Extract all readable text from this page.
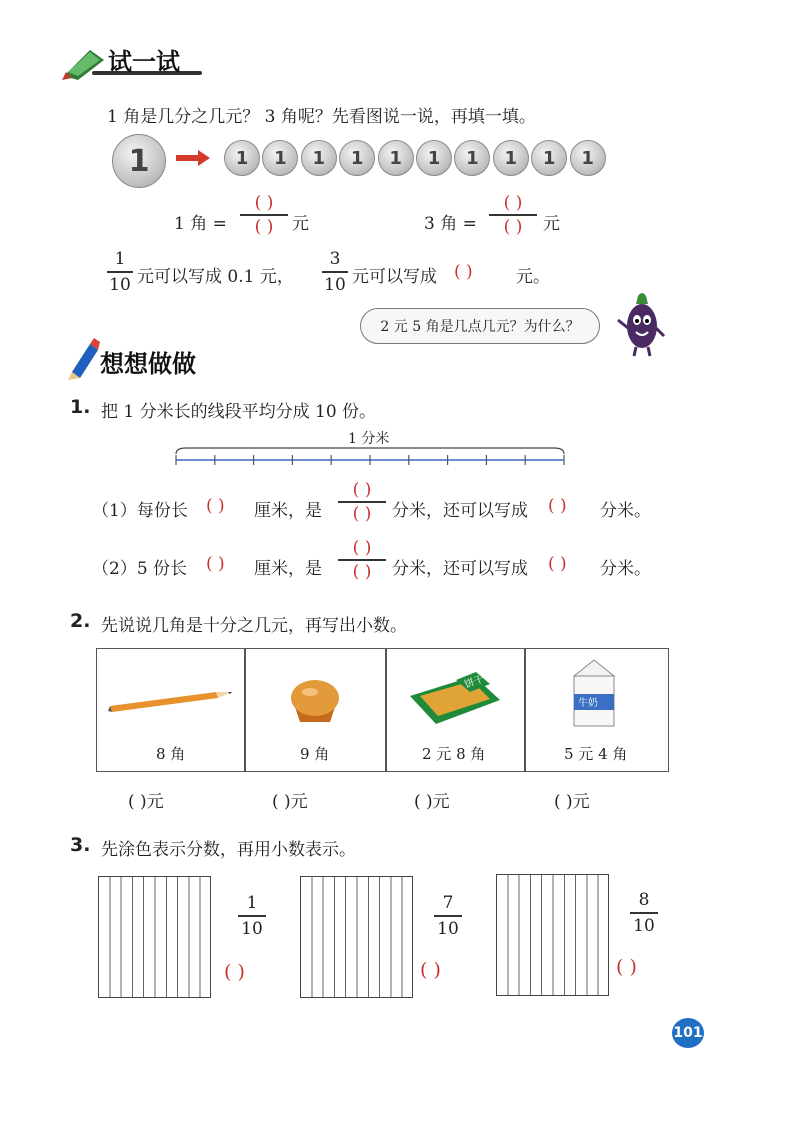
试一试
1 角是几分之几元？ 3 角呢？先看图说一说，再填一填。
1	1	1	1	1	1	1	1	1	1	1
1 角 =
( )
( ) 元	3 角 =
( )
( ) 元
1
10 元可以写成 0.1 元，
3
10 元可以写成 ( )	元。
2 元 5 角是几点几元？为什么？
想想做做
1. 把 1 分米长的线段平均分成 10 份。
1 分米
（1）每份长 ( ) 厘米，是
( )
( ) 分米，还可以写成 ( ) 分米。
（2）5 份长 ( ) 厘米，是
( )
( ) 分米，还可以写成 ( ) 分米。
2. 先说说几角是十分之几元，再写出小数。
饼干
牛奶
8 角	9 角	2 元 8 角	5 元 4 角
( )元	( )元	( )元	( )元
3. 先涂色表示分数，再用小数表示。
1
10
7
10
8
10
( )	( )	( )
101
